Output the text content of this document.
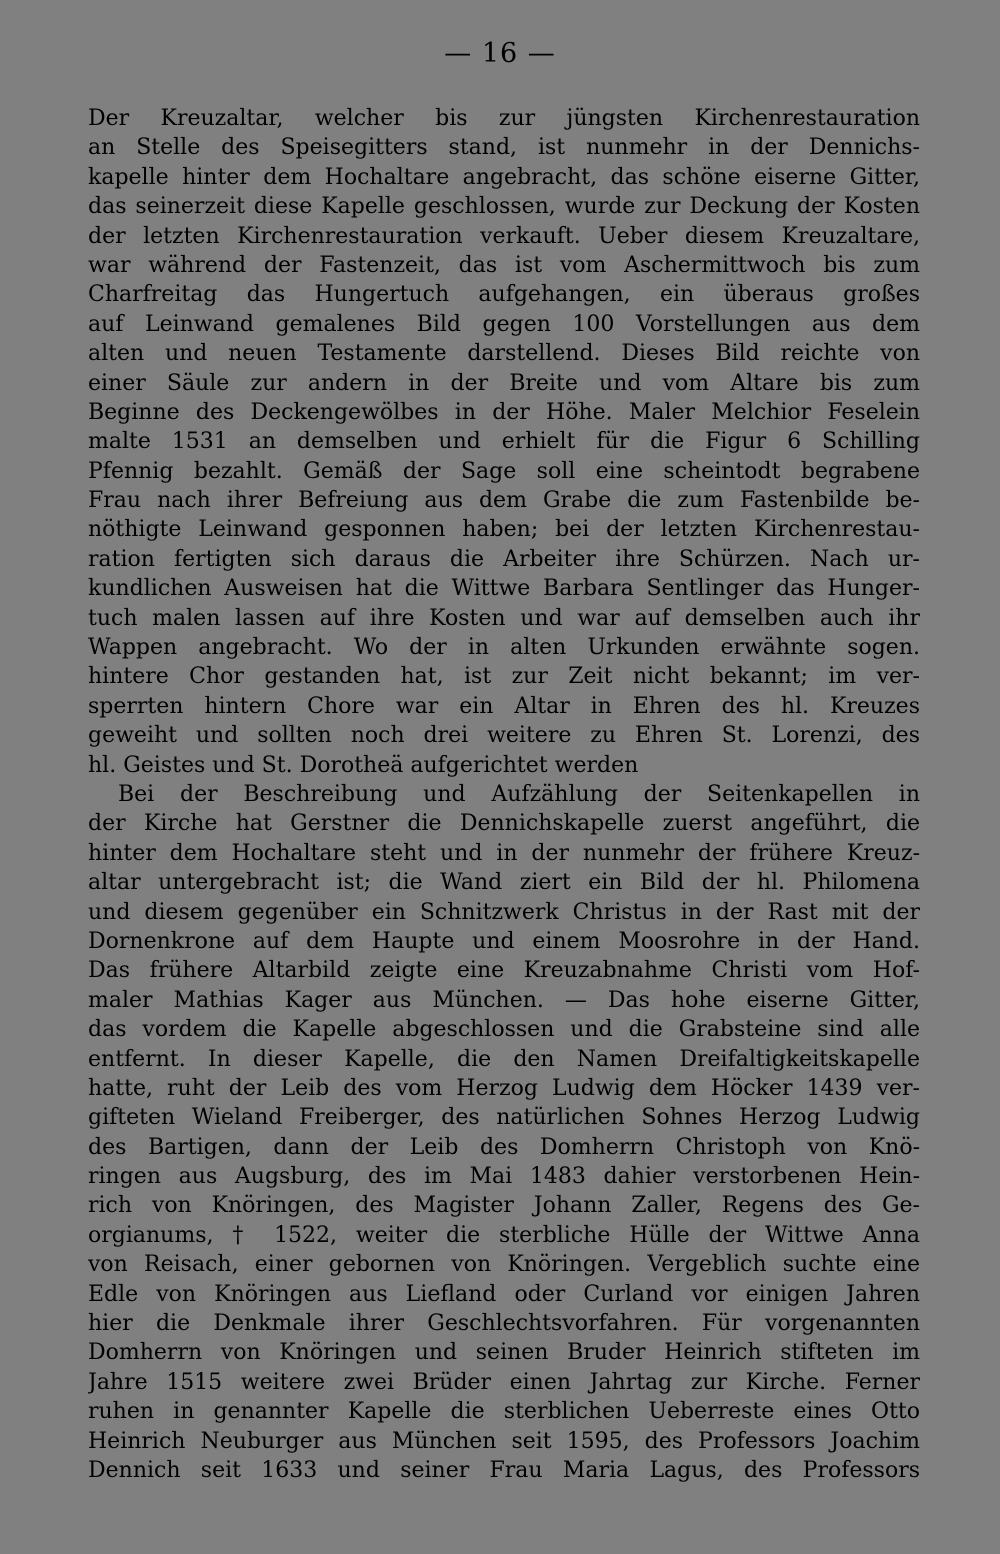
— 16 —
Der Kreuzaltar, welcher bis zur jüngsten Kirchenrestauration
an Stelle des Speisegitters stand, ist nunmehr in der Dennichs-
kapelle hinter dem Hochaltare angebracht, das schöne eiserne Gitter,
das seinerzeit diese Kapelle geschlossen, wurde zur Deckung der Kosten
der letzten Kirchenrestauration verkauft. Ueber diesem Kreuzaltare,
war während der Fastenzeit, das ist vom Aschermittwoch bis zum
Charfreitag das Hungertuch aufgehangen, ein überaus großes
auf Leinwand gemalenes Bild gegen 100 Vorstellungen aus dem
alten und neuen Testamente darstellend. Dieses Bild reichte von
einer Säule zur andern in der Breite und vom Altare bis zum
Beginne des Deckengewölbes in der Höhe. Maler Melchior Feselein
malte 1531 an demselben und erhielt für die Figur 6 Schilling
Pfennig bezahlt. Gemäß der Sage soll eine scheintodt begrabene
Frau nach ihrer Befreiung aus dem Grabe die zum Fastenbilde be-
nöthigte Leinwand gesponnen haben; bei der letzten Kirchenrestau-
ration fertigten sich daraus die Arbeiter ihre Schürzen. Nach ur-
kundlichen Ausweisen hat die Wittwe Barbara Sentlinger das Hunger-
tuch malen lassen auf ihre Kosten und war auf demselben auch ihr
Wappen angebracht. Wo der in alten Urkunden erwähnte sogen.
hintere Chor gestanden hat, ist zur Zeit nicht bekannt; im ver-
sperrten hintern Chore war ein Altar in Ehren des hl. Kreuzes
geweiht und sollten noch drei weitere zu Ehren St. Lorenzi, des
hl. Geistes und St. Dorotheä aufgerichtet werden
Bei der Beschreibung und Aufzählung der Seitenkapellen in
der Kirche hat Gerstner die Dennichskapelle zuerst angeführt, die
hinter dem Hochaltare steht und in der nunmehr der frühere Kreuz-
altar untergebracht ist; die Wand ziert ein Bild der hl. Philomena
und diesem gegenüber ein Schnitzwerk Christus in der Rast mit der
Dornenkrone auf dem Haupte und einem Moosrohre in der Hand.
Das frühere Altarbild zeigte eine Kreuzabnahme Christi vom Hof-
maler Mathias Kager aus München. — Das hohe eiserne Gitter,
das vordem die Kapelle abgeschlossen und die Grabsteine sind alle
entfernt. In dieser Kapelle, die den Namen Dreifaltigkeitskapelle
hatte, ruht der Leib des vom Herzog Ludwig dem Höcker 1439 ver-
gifteten Wieland Freiberger, des natürlichen Sohnes Herzog Ludwig
des Bartigen, dann der Leib des Domherrn Christoph von Knö-
ringen aus Augsburg, des im Mai 1483 dahier verstorbenen Hein-
rich von Knöringen, des Magister Johann Zaller, Regens des Ge-
orgianums, † 1522, weiter die sterbliche Hülle der Wittwe Anna
von Reisach, einer gebornen von Knöringen. Vergeblich suchte eine
Edle von Knöringen aus Liefland oder Curland vor einigen Jahren
hier die Denkmale ihrer Geschlechtsvorfahren. Für vorgenannten
Domherrn von Knöringen und seinen Bruder Heinrich stifteten im
Jahre 1515 weitere zwei Brüder einen Jahrtag zur Kirche. Ferner
ruhen in genannter Kapelle die sterblichen Ueberreste eines Otto
Heinrich Neuburger aus München seit 1595, des Professors Joachim
Dennich seit 1633 und seiner Frau Maria Lagus, des Professors
